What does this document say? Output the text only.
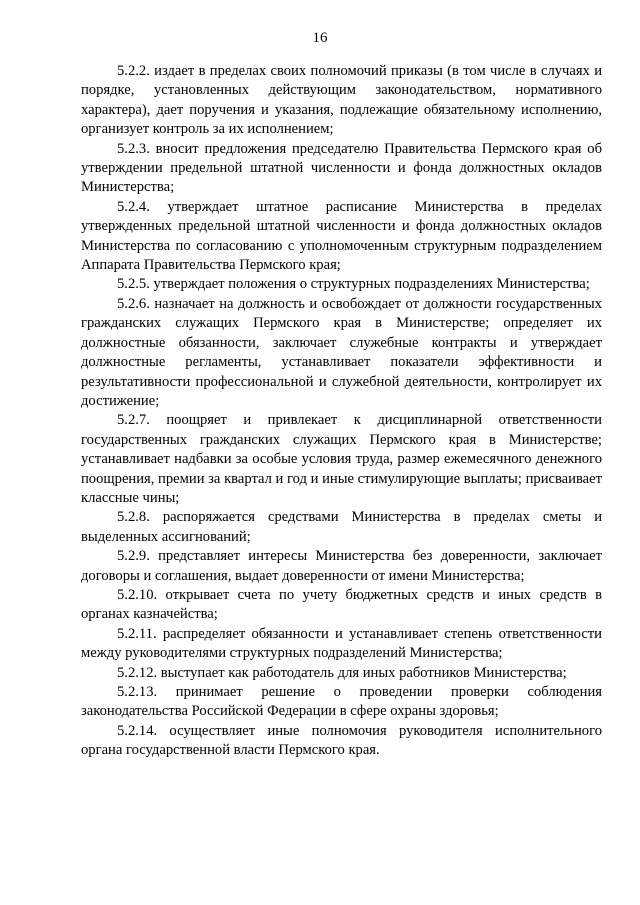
16

5.2.2. издает в пределах своих полномочий приказы (в том числе в случаях и порядке, установленных действующим законодательством, нормативного характера), дает поручения и указания, подлежащие обязательному исполнению, организует контроль за их исполнением;

5.2.3. вносит предложения председателю Правительства Пермского края об утверждении предельной штатной численности и фонда должностных окладов Министерства;

5.2.4. утверждает штатное расписание Министерства в пределах утвержденных предельной штатной численности и фонда должностных окладов Министерства по согласованию с уполномоченным структурным подразделением Аппарата Правительства Пермского края;

5.2.5. утверждает положения о структурных подразделениях Министерства;

5.2.6. назначает на должность и освобождает от должности государственных гражданских служащих Пермского края в Министерстве; определяет их должностные обязанности, заключает служебные контракты и утверждает должностные регламенты, устанавливает показатели эффективности и результативности профессиональной и служебной деятельности, контролирует их достижение;

5.2.7. поощряет и привлекает к дисциплинарной ответственности государственных гражданских служащих Пермского края в Министерстве; устанавливает надбавки за особые условия труда, размер ежемесячного денежного поощрения, премии за квартал и год и иные стимулирующие выплаты; присваивает классные чины;

5.2.8. распоряжается средствами Министерства в пределах сметы и выделенных ассигнований;

5.2.9. представляет интересы Министерства без доверенности, заключает договоры и соглашения, выдает доверенности от имени Министерства;

5.2.10. открывает счета по учету бюджетных средств и иных средств в органах казначейства;

5.2.11. распределяет обязанности и устанавливает степень ответственности между руководителями структурных подразделений Министерства;

5.2.12. выступает как работодатель для иных работников Министерства;

5.2.13. принимает решение о проведении проверки соблюдения законодательства Российской Федерации в сфере охраны здоровья;

5.2.14. осуществляет иные полномочия руководителя исполнительного органа государственной власти Пермского края.
